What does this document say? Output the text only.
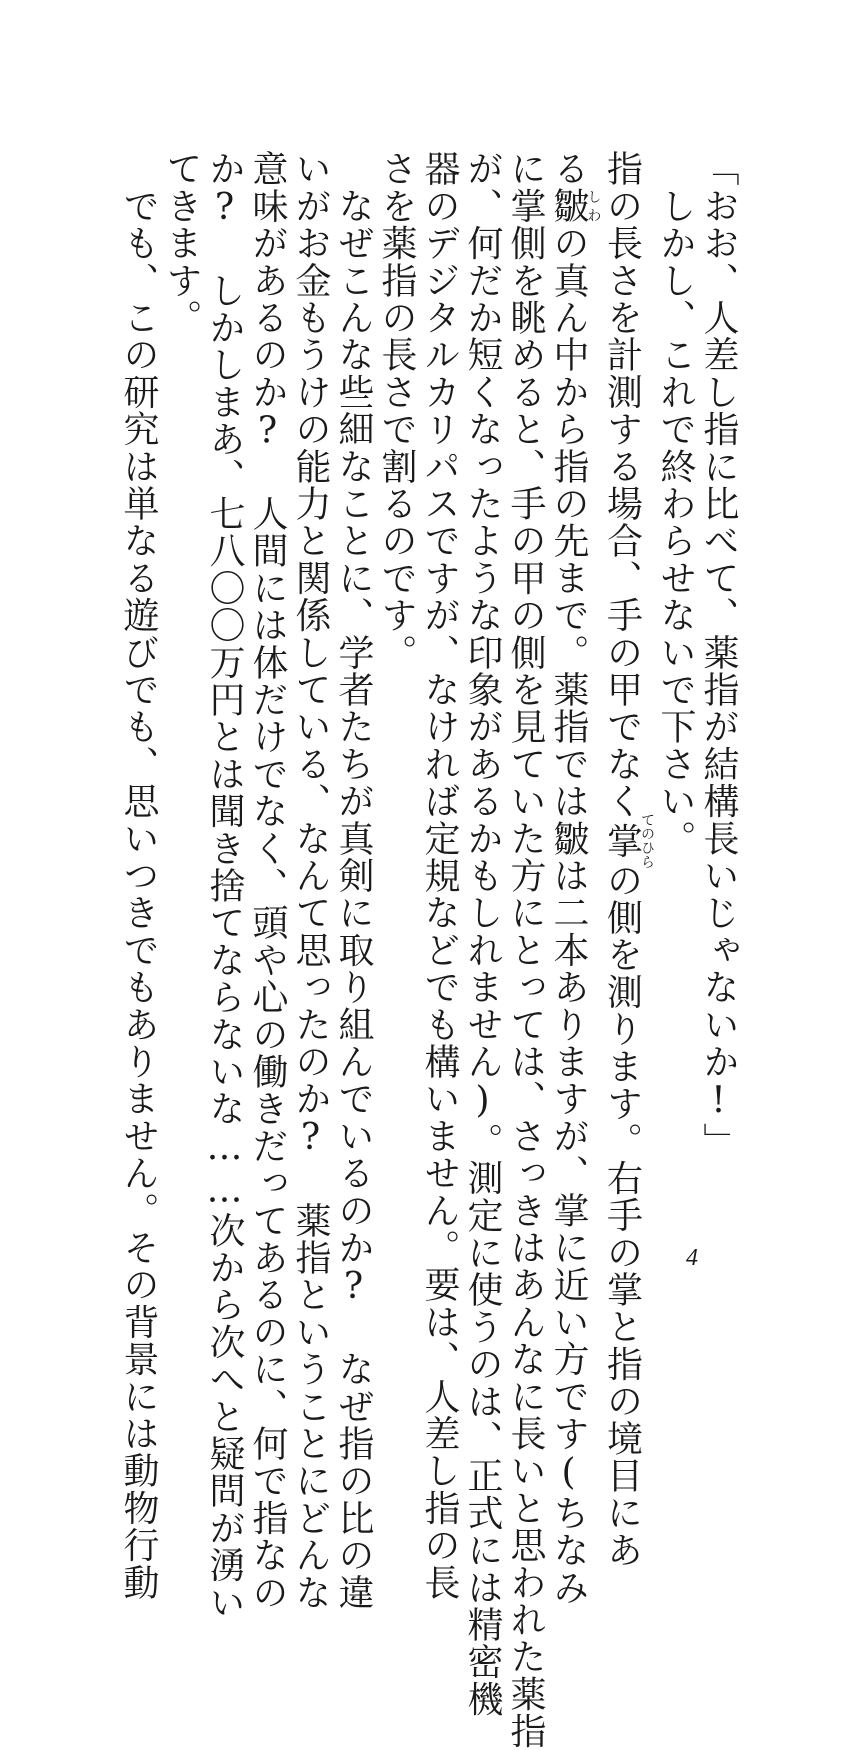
「おお、人差し指に比べて、薬指が結構長いじゃないか!」
　しかし、これで終わらせないで下さい。
指の長さを計測する場合、手の甲でなく掌てのひらの側を測ります。右手の掌と指の境目にあ
る皺しわの真ん中から指の先まで。薬指では皺は二本ありますが、掌に近い方です(ちなみ
に掌側を眺めると、手の甲の側を見ていた方にとっては、さっきはあんなに長いと思われた薬指
が、何だか短くなったような印象があるかもしれません)。測定に使うのは、正式には精密機
器のデジタルカリパスですが、なければ定規などでも構いません。要は、人差し指の長
さを薬指の長さで割るのです。
　なぜこんな些細なことに、学者たちが真剣に取り組んでいるのか? なぜ指の比の違
いがお金もうけの能力と関係している、なんて思ったのか? 薬指ということにどんな
意味があるのか? 人間には体だけでなく、頭や心の働きだってあるのに、何で指なの
か? しかしまあ、七八〇〇万円とは聞き捨てならないな……次から次へと疑問が湧い
てきます。
　でも、この研究は単なる遊びでも、思いつきでもありません。その背景には動物行動	4
